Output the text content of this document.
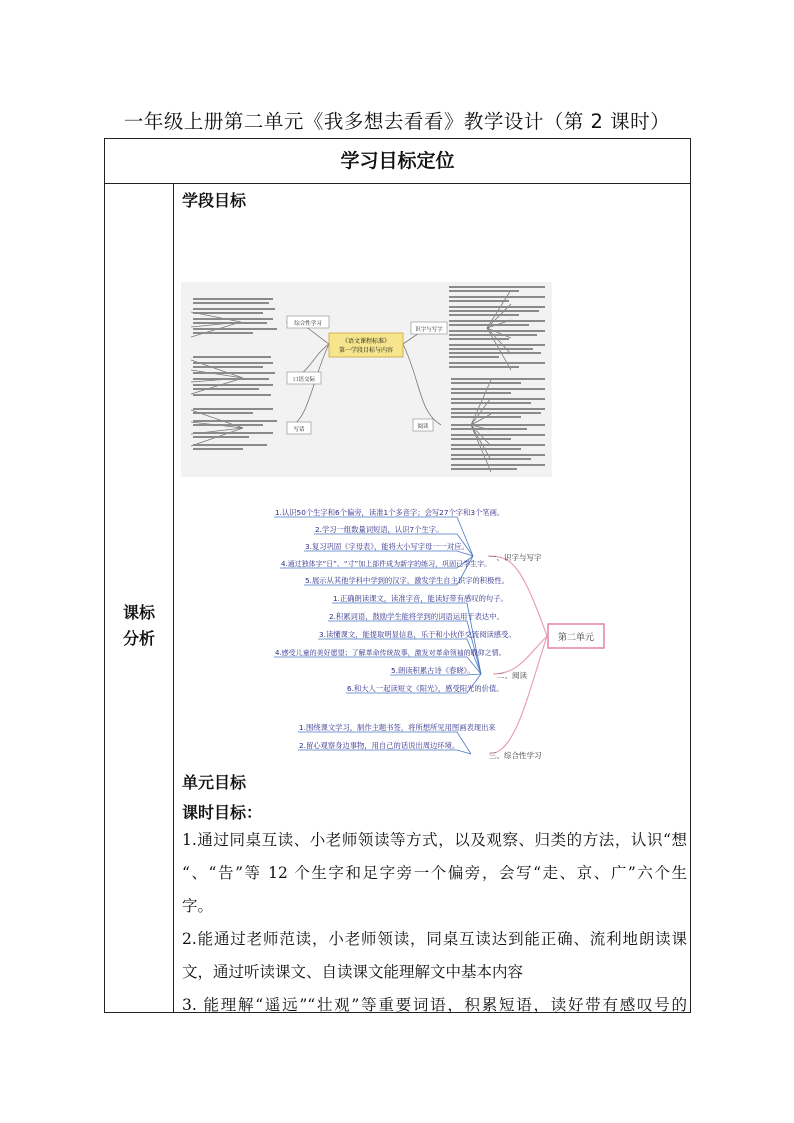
一年级上册第二单元《我多想去看看》教学设计（第 2 课时）
学习目标定位
课标
分析
学段目标
《语文课程标准》
第一学段目标与内容
综合性学习
口语交际
写话
识字与写字
阅读
1.认识50个生字和6个偏旁，读准1个多音字；会写27个字和3个笔画。
2.学习一组数量词短语，认识7个生字。
3.复习巩固《字母表》，能将大小写字母一一对应。
4.通过独体字“日”、“寸”加上部件成为新字的练习，巩固已学生字。
5.展示从其他学科中学到的汉字，激发学生自主识字的积极性。
1.正确朗读课文，读准字音，能读好带有感叹的句子。
2.积累词语，鼓励学生能将学到的词语运用于表达中。
3.读懂课文，能提取明显信息，乐于和小伙伴交流阅读感受。
4.感受儿童的美好愿望；了解革命传统故事，激发对革命领袖的敬仰之情。
5.朗读积累古诗《春晓》。
6.和大人一起读短文《阳光》，感受阳光的价值。
1.围绕课文学习，制作主题书签，将所想所见用图画表现出来
2.留心观察身边事物，用自己的话说出周边环境。
一、识字与写字
二、阅读
三、综合性学习
第二单元
单元目标
课时目标：
1.通过同桌互读、小老师领读等方式，以及观察、归类的方法，认识“想
“、“告”等 12 个生字和足字旁一个偏旁，会写“走、京、广”六个生
字。
2.能通过老师范读，小老师领读，同桌互读达到能正确、流利地朗读课
文，通过听读课文、自读课文能理解文中基本内容
3. 能理解“遥远”“壮观”等重要词语，积累短语，读好带有感叹号的
